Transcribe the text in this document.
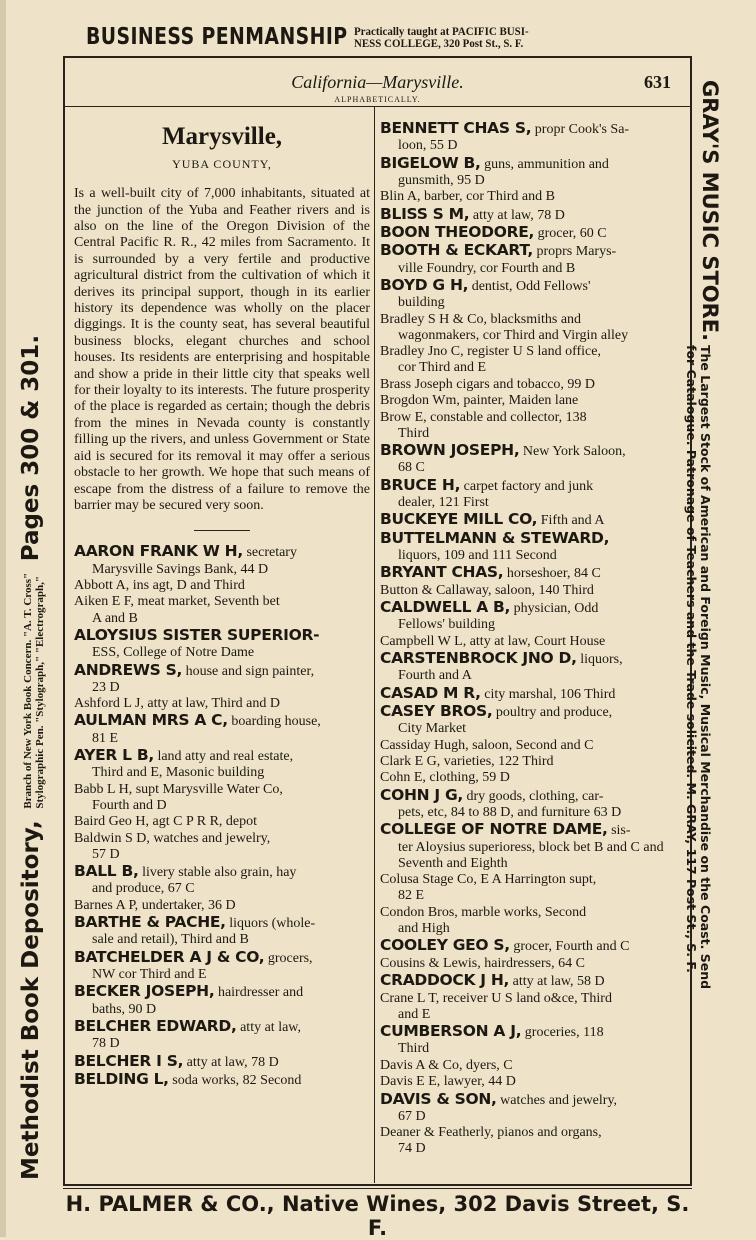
BUSINESS PENMANSHIP Practically taught at PACIFIC BUSI-
NESS COLLEGE, 320 Post St., S. F.
California—Marysville.
ALPHABETICALLY.
631
Marysville,
YUBA COUNTY,

Is a well-built city of 7,000 inhabitants, situated at the junction of the Yuba and Feather rivers and is also on the line of the Oregon Division of the Central Pacific R. R., 42 miles from Sacramento. It is surrounded by a very fertile and productive agricultural district from the cultivation of which it derives its principal support, though in its earlier history its dependence was wholly on the placer diggings. It is the county seat, has several beautiful business blocks, elegant churches and school houses. Its residents are enterprising and hospitable and show a pride in their little city that speaks well for their loyalty to its interests. The future prosperity of the place is regarded as certain; though the debris from the mines in Nevada county is constantly filling up the rivers, and unless Government or State aid is secured for its removal it may offer a serious obstacle to her growth. We hope that such means of escape from the distress of a failure to remove the barrier may be secured very soon.

AARON FRANK W H, secretary
Marysville Savings Bank, 44 D
Abbott A, ins agt, D and Third
Aiken E F, meat market, Seventh bet
A and B
ALOYSIUS SISTER SUPERIOR-
ESS, College of Notre Dame
ANDREWS S, house and sign painter,
23 D
Ashford L J, atty at law, Third and D
AULMAN MRS A C, boarding house,
81 E
AYER L B, land atty and real estate,
Third and E, Masonic building
Babb L H, supt Marysville Water Co,
Fourth and D
Baird Geo H, agt C P R R, depot
Baldwin S D, watches and jewelry,
57 D
BALL B, livery stable also grain, hay
and produce, 67 C
Barnes A P, undertaker, 36 D
BARTHE & PACHE, liquors (whole-
sale and retail), Third and B
BATCHELDER A J & CO, grocers,
NW cor Third and E
BECKER JOSEPH, hairdresser and
baths, 90 D
BELCHER EDWARD, atty at law,
78 D
BELCHER I S, atty at law, 78 D
BELDING L, soda works, 82 Second
BENNETT CHAS S, propr Cook's Sa-
loon, 55 D
BIGELOW B, guns, ammunition and
gunsmith, 95 D
Blin A, barber, cor Third and B
BLISS S M, atty at law, 78 D
BOON THEODORE, grocer, 60 C
BOOTH & ECKART, proprs Marys-
ville Foundry, cor Fourth and B
BOYD G H, dentist, Odd Fellows'
building
Bradley S H & Co, blacksmiths and
wagonmakers, cor Third and Virgin alley
Bradley Jno C, register U S land office,
cor Third and E
Brass Joseph cigars and tobacco, 99 D
Brogdon Wm, painter, Maiden lane
Brow E, constable and collector, 138
Third
BROWN JOSEPH, New York Saloon,
68 C
BRUCE H, carpet factory and junk
dealer, 121 First
BUCKEYE MILL CO, Fifth and A
BUTTELMANN & STEWARD,
liquors, 109 and 111 Second
BRYANT CHAS, horseshoer, 84 C
Button & Callaway, saloon, 140 Third
CALDWELL A B, physician, Odd
Fellows' building
Campbell W L, atty at law, Court House
CARSTENBROCK JNO D, liquors,
Fourth and A
CASAD M R, city marshal, 106 Third
CASEY BROS, poultry and produce,
City Market
Cassiday Hugh, saloon, Second and C
Clark E G, varieties, 122 Third
Cohn E, clothing, 59 D
COHN J G, dry goods, clothing, car-
pets, etc, 84 to 88 D, and furniture 63 D
COLLEGE OF NOTRE DAME, sis-
ter Aloysius superioress, block bet B and C and Seventh and Eighth
Colusa Stage Co, E A Harrington supt,
82 E
Condon Bros, marble works, Second
and High
COOLEY GEO S, grocer, Fourth and C
Cousins & Lewis, hairdressers, 64 C
CRADDOCK J H, atty at law, 58 D
Crane L T, receiver U S land o&ce, Third
and E
CUMBERSON A J, groceries, 118
Third
Davis A & Co, dyers, C
Davis E E, lawyer, 44 D
DAVIS & SON, watches and jewelry,
67 D
Deaner & Featherly, pianos and organs,
74 D
Methodist Book Depository,
Branch of New York Book Concern. "A. T. Cross" Stylographic Pen. "Stylograph," "Electrograph,"
Pages 300 & 301.
GRAY'S MUSIC STORE.
The Largest Stock of American and Foreign Music, Musical Merchandise on the Coast. Send
for Catalogue. Patronage of Teachers and the Trade solicited. M. GRAY, 117 Post St., S. F.
H. PALMER & CO., Native Wines, 302 Davis Street, S. F.
